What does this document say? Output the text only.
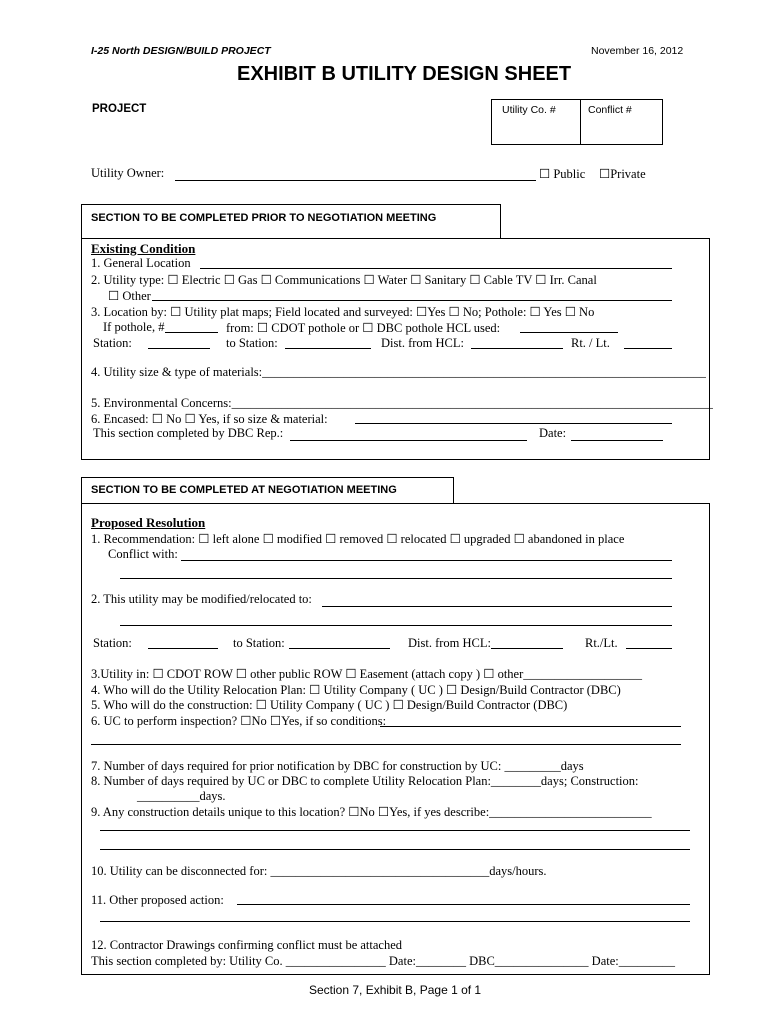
I-25 North DESIGN/BUILD PROJECT	November 16, 2012
EXHIBIT B UTILITY DESIGN SHEET
PROJECT	Utility Co. #	Conflict #
Utility Owner:	☐ Public ☐Private
SECTION TO BE COMPLETED PRIOR TO NEGOTIATION MEETING
Existing Condition
1. General Location
2. Utility type: ☐ Electric ☐ Gas ☐ Communications ☐ Water ☐ Sanitary ☐ Cable TV ☐ Irr. Canal
☐ Other
3. Location by: ☐ Utility plat maps; Field located and surveyed: ☐Yes ☐ No; Pothole: ☐ Yes ☐ No
If pothole, #	from: ☐ CDOT pothole or ☐ DBC pothole HCL used:
Station:	to Station:	Dist. from HCL:	Rt. / Lt.
4. Utility size & type of materials:_______________________________________________________________________
5. Environmental Concerns:_____________________________________________________________________________
6. Encased: ☐ No ☐ Yes, if so size & material:
This section completed by DBC Rep.:	Date:
SECTION TO BE COMPLETED AT NEGOTIATION MEETING
Proposed Resolution
1. Recommendation: ☐ left alone ☐ modified ☐ removed ☐ relocated ☐ upgraded ☐ abandoned in place
Conflict with:
2. This utility may be modified/relocated to:
Station:	to Station:	Dist. from HCL:	Rt./Lt.
3.Utility in: ☐ CDOT ROW ☐ other public ROW ☐ Easement (attach copy ) ☐ other___________________
4. Who will do the Utility Relocation Plan: ☐ Utility Company ( UC ) ☐ Design/Build Contractor (DBC)
5. Who will do the construction: ☐ Utility Company ( UC ) ☐ Design/Build Contractor (DBC)
6. UC to perform inspection? ☐No ☐Yes, if so conditions:
7. Number of days required for prior notification by DBC for construction by UC: _________days
8. Number of days required by UC or DBC to complete Utility Relocation Plan:________days; Construction:
__________days.
9. Any construction details unique to this location? ☐No ☐Yes, if yes describe:__________________________
10. Utility can be disconnected for: ___________________________________days/hours.
11. Other proposed action:
12. Contractor Drawings confirming conflict must be attached
This section completed by: Utility Co. ________________ Date:________ DBC_______________ Date:_________
Section 7, Exhibit B, Page 1 of 1
